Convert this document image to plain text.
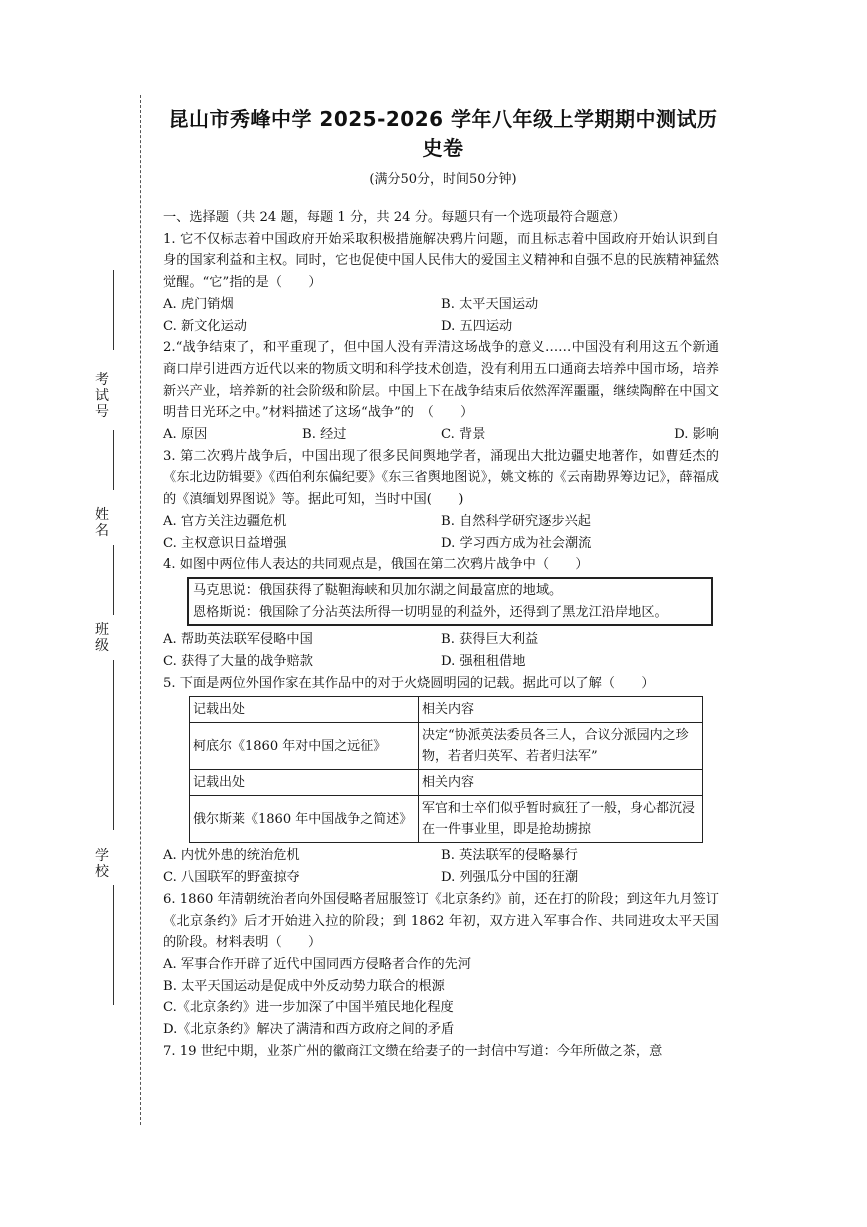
考试号
姓名
班级
学校
昆山市秀峰中学 2025-2026 学年八年级上学期期中测试历史卷
(满分50分，时间50分钟)

一、选择题（共 24 题，每题 1 分，共 24 分。每题只有一个选项最符合题意）

1. 它不仅标志着中国政府开始采取积极措施解决鸦片问题，而且标志着中国政府开始认识到自身的国家利益和主权。同时，它也促使中国人民伟大的爱国主义精神和自强不息的民族精神猛然觉醒。“它”指的是（　　）

A. 虎门销烟	B. 太平天国运动
C. 新文化运动	D. 五四运动

2.“战争结束了，和平重现了，但中国人没有弄清这场战争的意义……中国没有利用这五个新通商口岸引进西方近代以来的物质文明和科学技术创造，没有利用五口通商去培养中国市场，培养新兴产业，培养新的社会阶级和阶层。中国上下在战争结束后依然浑浑噩噩，继续陶醉在中国文明昔日光环之中。”材料描述了这场“战争”的　（　　）

A. 原因	B. 经过	C. 背景	D. 影响

3. 第二次鸦片战争后，中国出现了很多民间舆地学者，涌现出大批边疆史地著作，如曹廷杰的《东北边防辑要》《西伯利东偏纪要》《东三省舆地图说》，姚文栋的《云南勘界筹边记》，薛福成的《滇缅划界图说》等。据此可知，当时中国(　　)

A. 官方关注边疆危机	B. 自然科学研究逐步兴起
C. 主权意识日益增强	D. 学习西方成为社会潮流

4. 如图中两位伟人表达的共同观点是，俄国在第二次鸦片战争中（　　）

马克思说：俄国获得了鞑靼海峡和贝加尔湖之间最富庶的地域。

恩格斯说：俄国除了分沾英法所得一切明显的利益外，还得到了黑龙江沿岸地区。

A. 帮助英法联军侵略中国	B. 获得巨大利益
C. 获得了大量的战争赔款	D. 强租租借地

5. 下面是两位外国作家在其作品中的对于火烧圆明园的记载。据此可以了解（　　）

记载出处	相关内容
柯底尔《1860 年对中国之远征》	决定“协派英法委员各三人，合议分派园内之珍物，若者归英军、若者归法军”
记载出处	相关内容
俄尔斯莱《1860 年中国战争之简述》	军官和士卒们似乎暂时疯狂了一般，身心都沉浸在一件事业里，即是抢劫掳掠
A. 内忧外患的统治危机	B. 英法联军的侵略暴行
C. 八国联军的野蛮掠夺	D. 列强瓜分中国的狂潮

6. 1860 年清朝统治者向外国侵略者屈服签订《北京条约》前，还在打的阶段；到这年九月签订《北京条约》后才开始进入拉的阶段；到 1862 年初，双方进入军事合作、共同进攻太平天国的阶段。材料表明（　　）

A. 军事合作开辟了近代中国同西方侵略者合作的先河

B. 太平天国运动是促成中外反动势力联合的根源

C.《北京条约》进一步加深了中国半殖民地化程度

D.《北京条约》解决了满清和西方政府之间的矛盾

7. 19 世纪中期，业茶广州的徽商江文缵在给妻子的一封信中写道：今年所做之茶，意
